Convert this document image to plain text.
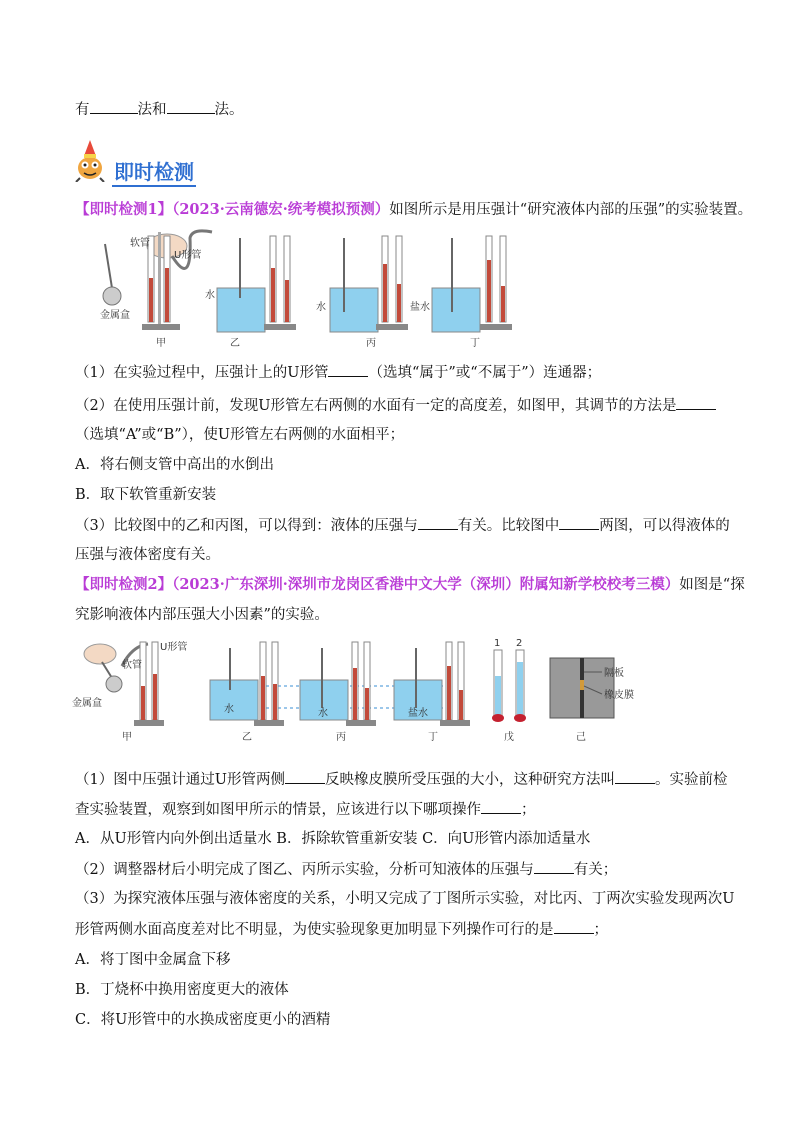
有	法和	法。
即时检测
【即时检测1】（2023·云南德宏·统考模拟预测）如图所示是用压强计“研究液体内部的压强”的实验装置。
软管
U形管
金属盒
甲
水
乙
水
丙
盐水
丁
（1）在实验过程中，压强计上的U形管	（选填“属于”或“不属于”）连通器；
（2）在使用压强计前，发现U形管左右两侧的水面有一定的高度差，如图甲，其调节的方法是
（选填“A”或“B”），使U形管左右两侧的水面相平；
A．将右侧支管中高出的水倒出
B．取下软管重新安装
（3）比较图中的乙和丙图，可以得到：液体的压强与	有关。比较图中	两图，可以得液体的
压强与液体密度有关。
【即时检测2】（2023·广东深圳·深圳市龙岗区香港中文大学（深圳）附属知新学校校考三模）如图是“探
究影响液体内部压强大小因素”的实验。
软管
U形管
金属盒
甲
水
乙
水
丙
盐水
丁
1 2
戊
隔板
橡皮膜
己
（1）图中压强计通过U形管两侧	反映橡皮膜所受压强的大小，这种研究方法叫	。实验前检
查实验装置，观察到如图甲所示的情景，应该进行以下哪项操作	；
A．从U形管内向外倒出适量水 B．拆除软管重新安装 C．向U形管内添加适量水
（2）调整器材后小明完成了图乙、丙所示实验，分析可知液体的压强与	有关；
（3）为探究液体压强与液体密度的关系，小明又完成了丁图所示实验，对比丙、丁两次实验发现两次U
形管两侧水面高度差对比不明显，为使实验现象更加明显下列操作可行的是	；
A．将丁图中金属盒下移
B．丁烧杯中换用密度更大的液体
C．将U形管中的水换成密度更小的酒精
